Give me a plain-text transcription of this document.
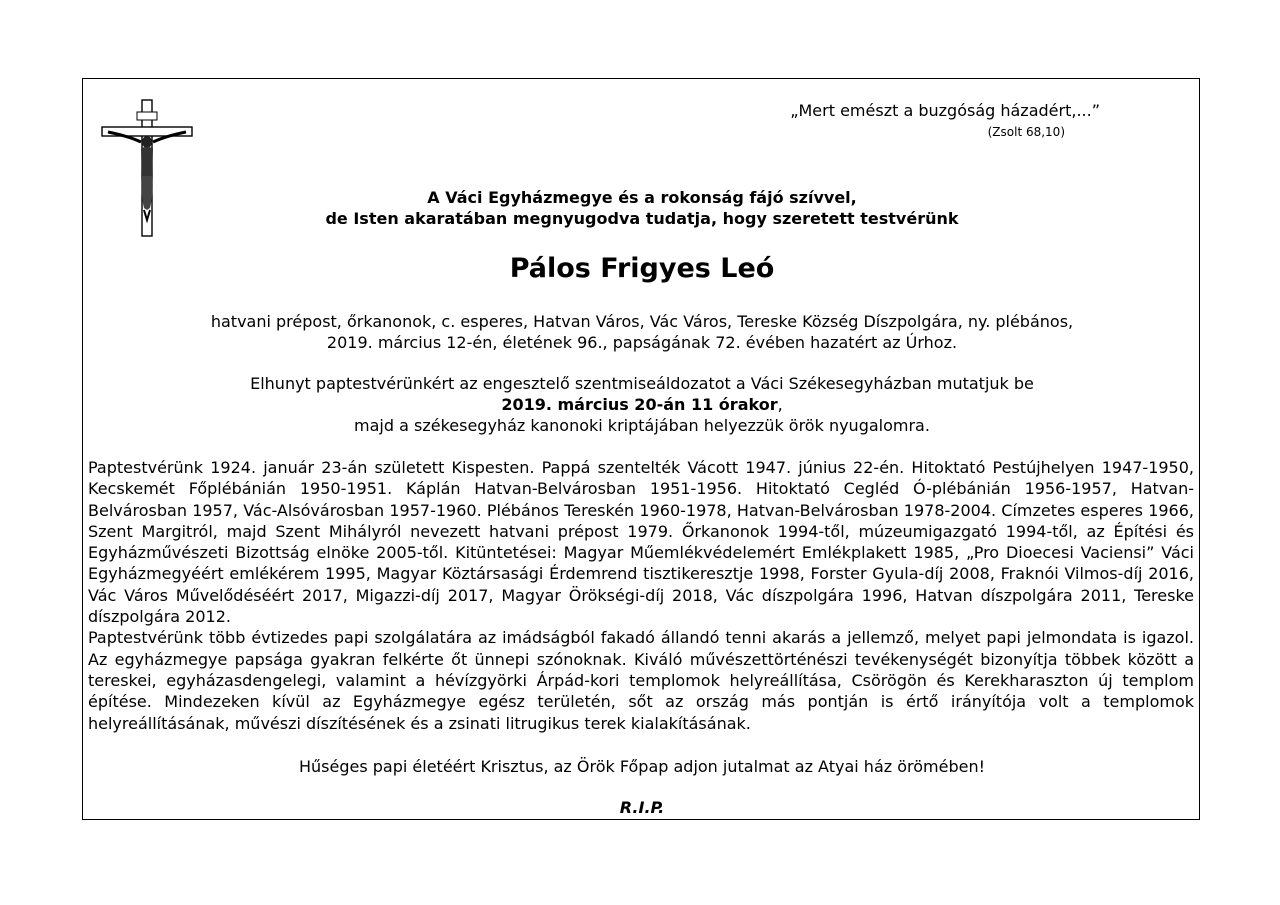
„Mert emészt a buzgóság házadért,...”
(Zsolt 68,10)
A Váci Egyházmegye és a rokonság fájó szívvel,
de Isten akaratában megnyugodva tudatja, hogy szeretett testvérünk
Pálos Frigyes Leó
hatvani prépost, őrkanonok, c. esperes, Hatvan Város, Vác Város, Tereske Község Díszpolgára, ny. plébános,
2019. március 12-én, életének 96., papságának 72. évében hazatért az Úrhoz.
Elhunyt paptestvérünkért az engesztelő szentmiseáldozatot a Váci Székesegyházban mutatjuk be
2019. március 20-án 11 órakor,
majd a székesegyház kanonoki kriptájában helyezzük örök nyugalomra.

Paptestvérünk 1924. január 23-án született Kispesten. Pappá szentelték Vácott 1947. június 22-én. Hitoktató Pestújhelyen 1947-1950, Kecskemét Főplébánián 1950-1951. Káplán Hatvan-Belvárosban 1951-1956. Hitoktató Cegléd Ó-plébánián 1956-1957, Hatvan-Belvárosban 1957, Vác-Alsóvárosban 1957-1960. Plébános Tereskén 1960-1978, Hatvan-Belvárosban 1978-2004. Címzetes esperes 1966, Szent Margitról, majd Szent Mihályról nevezett hatvani prépost 1979. Őrkanonok 1994-től, múzeumigazgató 1994-től, az Építési és Egyházművészeti Bizottság elnöke 2005-től. Kitüntetései: Magyar Műemlékvédelemért Emlékplakett 1985, „Pro Dioecesi Vaciensi” Váci Egyházmegyéért emlékérem 1995, Magyar Köztársasági Érdemrend tisztikeresztje 1998, Forster Gyula-díj 2008, Fraknói Vilmos-díj 2016, Vác Város Művelődéséért 2017, Migazzi-díj 2017, Magyar Örökségi-díj 2018, Vác díszpolgára 1996, Hatvan díszpolgára 2011, Tereske díszpolgára 2012.

Paptestvérünk több évtizedes papi szolgálatára az imádságból fakadó állandó tenni akarás a jellemző, melyet papi jelmondata is igazol. Az egyházmegye papsága gyakran felkérte őt ünnepi szónoknak. Kiváló művészettörténészi tevékenységét bizonyítja többek között a tereskei, egyházasdengelegi, valamint a hévízgyörki Árpád-kori templomok helyreállítása, Csörögön és Kerekharaszton új templom építése. Mindezeken kívül az Egyházmegye egész területén, sőt az ország más pontján is értő irányítója volt a templomok helyreállításának, művészi díszítésének és a zsinati litrugikus terek kialakításának.

Hűséges papi életéért Krisztus, az Örök Főpap adjon jutalmat az Atyai ház örömében!
R.I.P.
